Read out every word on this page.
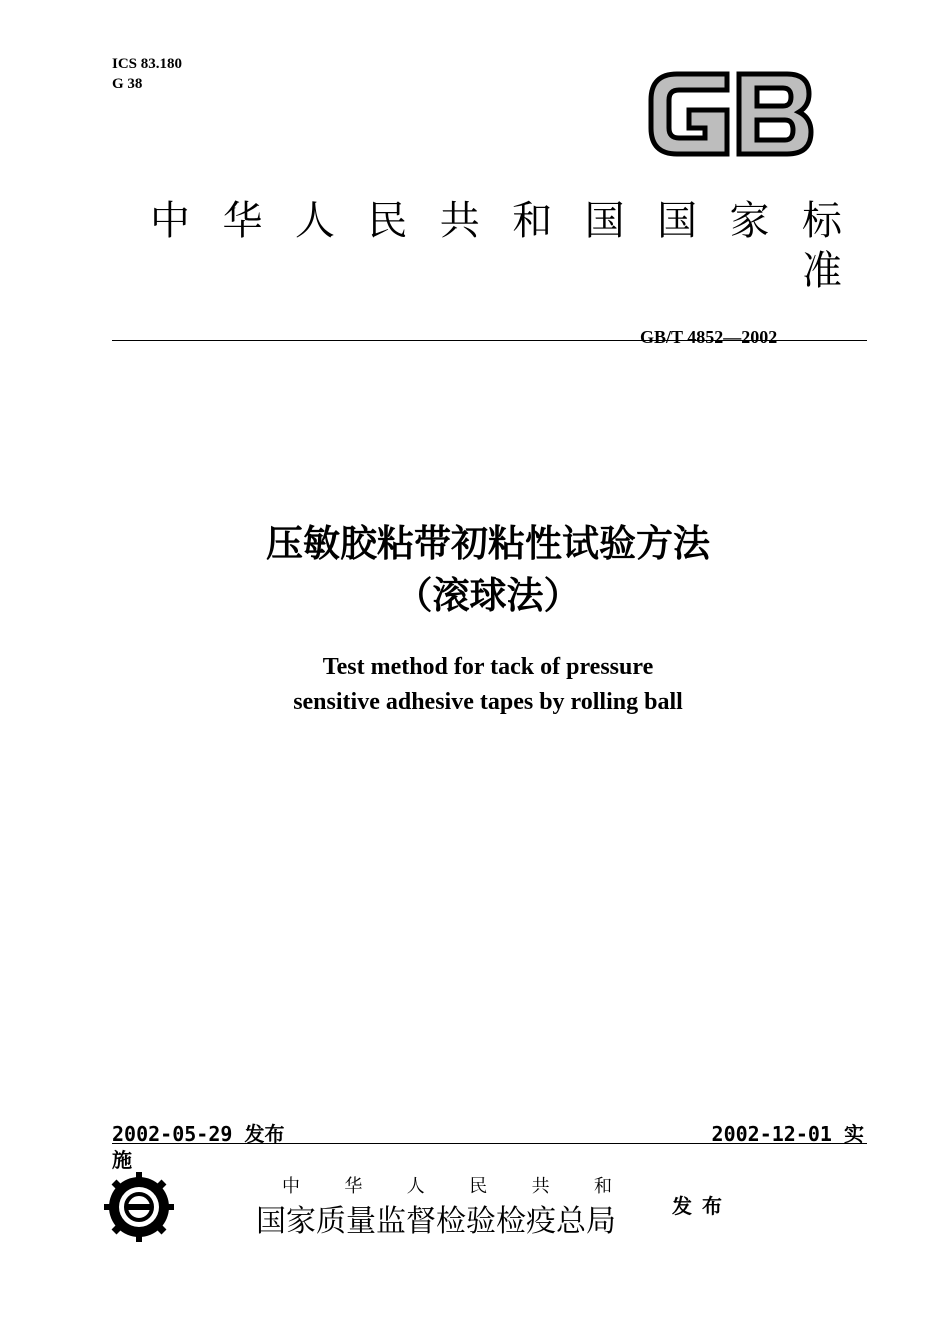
ICS 83.180
G 38
中华人民共和国国家标准
GB/T 4852—2002
压敏胶粘带初粘性试验方法
（滚球法）
Test method for tack of pressure
sensitive adhesive tapes by rolling ball
2002-05-29 发布	2002-12-01 实
施
中华人民共和
国家质量监督检验检疫总局	发布
